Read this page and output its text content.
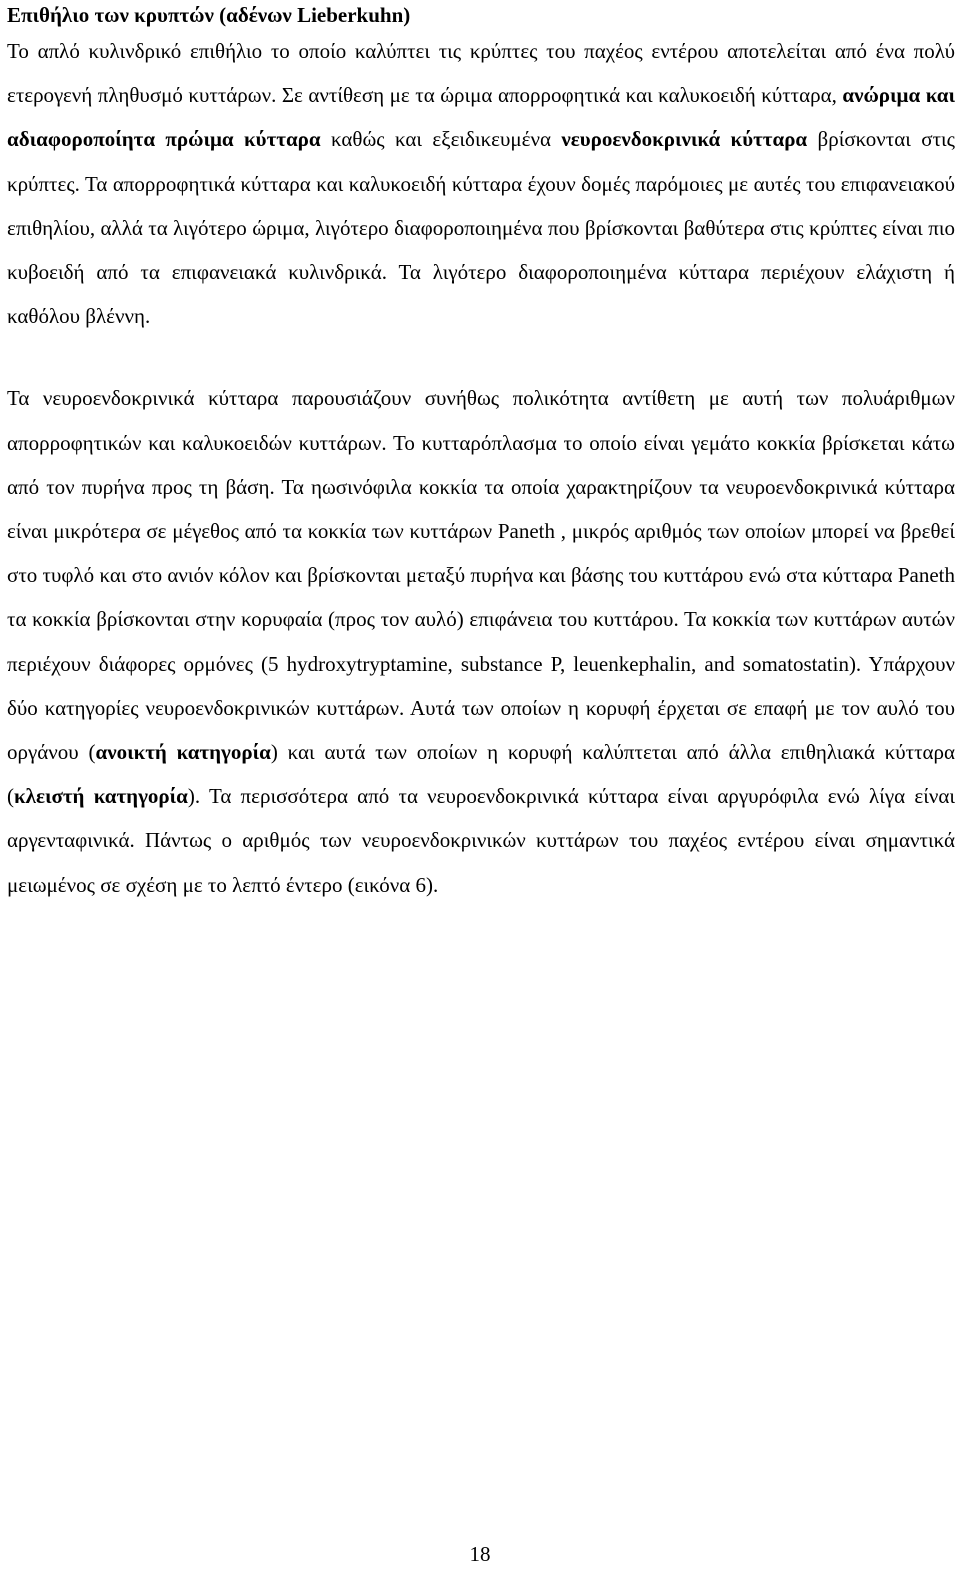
Επιθήλιο των κρυπτών (αδένων Lieberkuhn)

Το απλό κυλινδρικό επιθήλιο το οποίο καλύπτει τις κρύπτες του παχέος εντέρου αποτελείται από ένα πολύ ετερογενή πληθυσμό κυττάρων. Σε αντίθεση με τα ώριμα απορροφητικά και καλυκοειδή κύτταρα, ανώριμα και αδιαφοροποίητα πρώιμα κύτταρα καθώς και εξειδικευμένα νευροενδοκρινικά κύτταρα βρίσκονται στις κρύπτες. Τα απορροφητικά κύτταρα και καλυκοειδή κύτταρα έχουν δομές παρόμοιες με αυτές του επιφανειακού επιθηλίου, αλλά τα λιγότερο ώριμα, λιγότερο διαφοροποιημένα που βρίσκονται βαθύτερα στις κρύπτες είναι πιο κυβοειδή από τα επιφανειακά κυλινδρικά. Τα λιγότερο διαφοροποιημένα κύτταρα περιέχουν ελάχιστη ή καθόλου βλέννη.

Τα νευροενδοκρινικά κύτταρα παρουσιάζουν συνήθως πολικότητα αντίθετη με αυτή των πολυάριθμων απορροφητικών και καλυκοειδών κυττάρων. Το κυτταρόπλασμα το οποίο είναι γεμάτο κοκκία βρίσκεται κάτω από τον πυρήνα προς τη βάση. Τα ηωσινόφιλα κοκκία τα οποία χαρακτηρίζουν τα νευροενδοκρινικά κύτταρα είναι μικρότερα σε μέγεθος από τα κοκκία των κυττάρων Paneth , μικρός αριθμός των οποίων μπορεί να βρεθεί στο τυφλό και στο ανιόν κόλον και βρίσκονται μεταξύ πυρήνα και βάσης του κυττάρου ενώ στα κύτταρα Paneth τα κοκκία βρίσκονται στην κορυφαία (προς τον αυλό) επιφάνεια του κυττάρου. Τα κοκκία των κυττάρων αυτών περιέχουν διάφορες ορμόνες (5 hydroxytryptamine, substance P, leuenkephalin, and somatostatin). Υπάρχουν δύο κατηγορίες νευροενδοκρινικών κυττάρων. Αυτά των οποίων η κορυφή έρχεται σε επαφή με τον αυλό του οργάνου (ανοικτή κατηγορία) και αυτά των οποίων η κορυφή καλύπτεται από άλλα επιθηλιακά κύτταρα (κλειστή κατηγορία). Τα περισσότερα από τα νευροενδοκρινικά κύτταρα είναι αργυρόφιλα ενώ λίγα είναι αργενταφινικά. Πάντως ο αριθμός των νευροενδοκρινικών κυττάρων του παχέος εντέρου είναι σημαντικά μειωμένος σε σχέση με το λεπτό έντερο (εικόνα 6).

18
